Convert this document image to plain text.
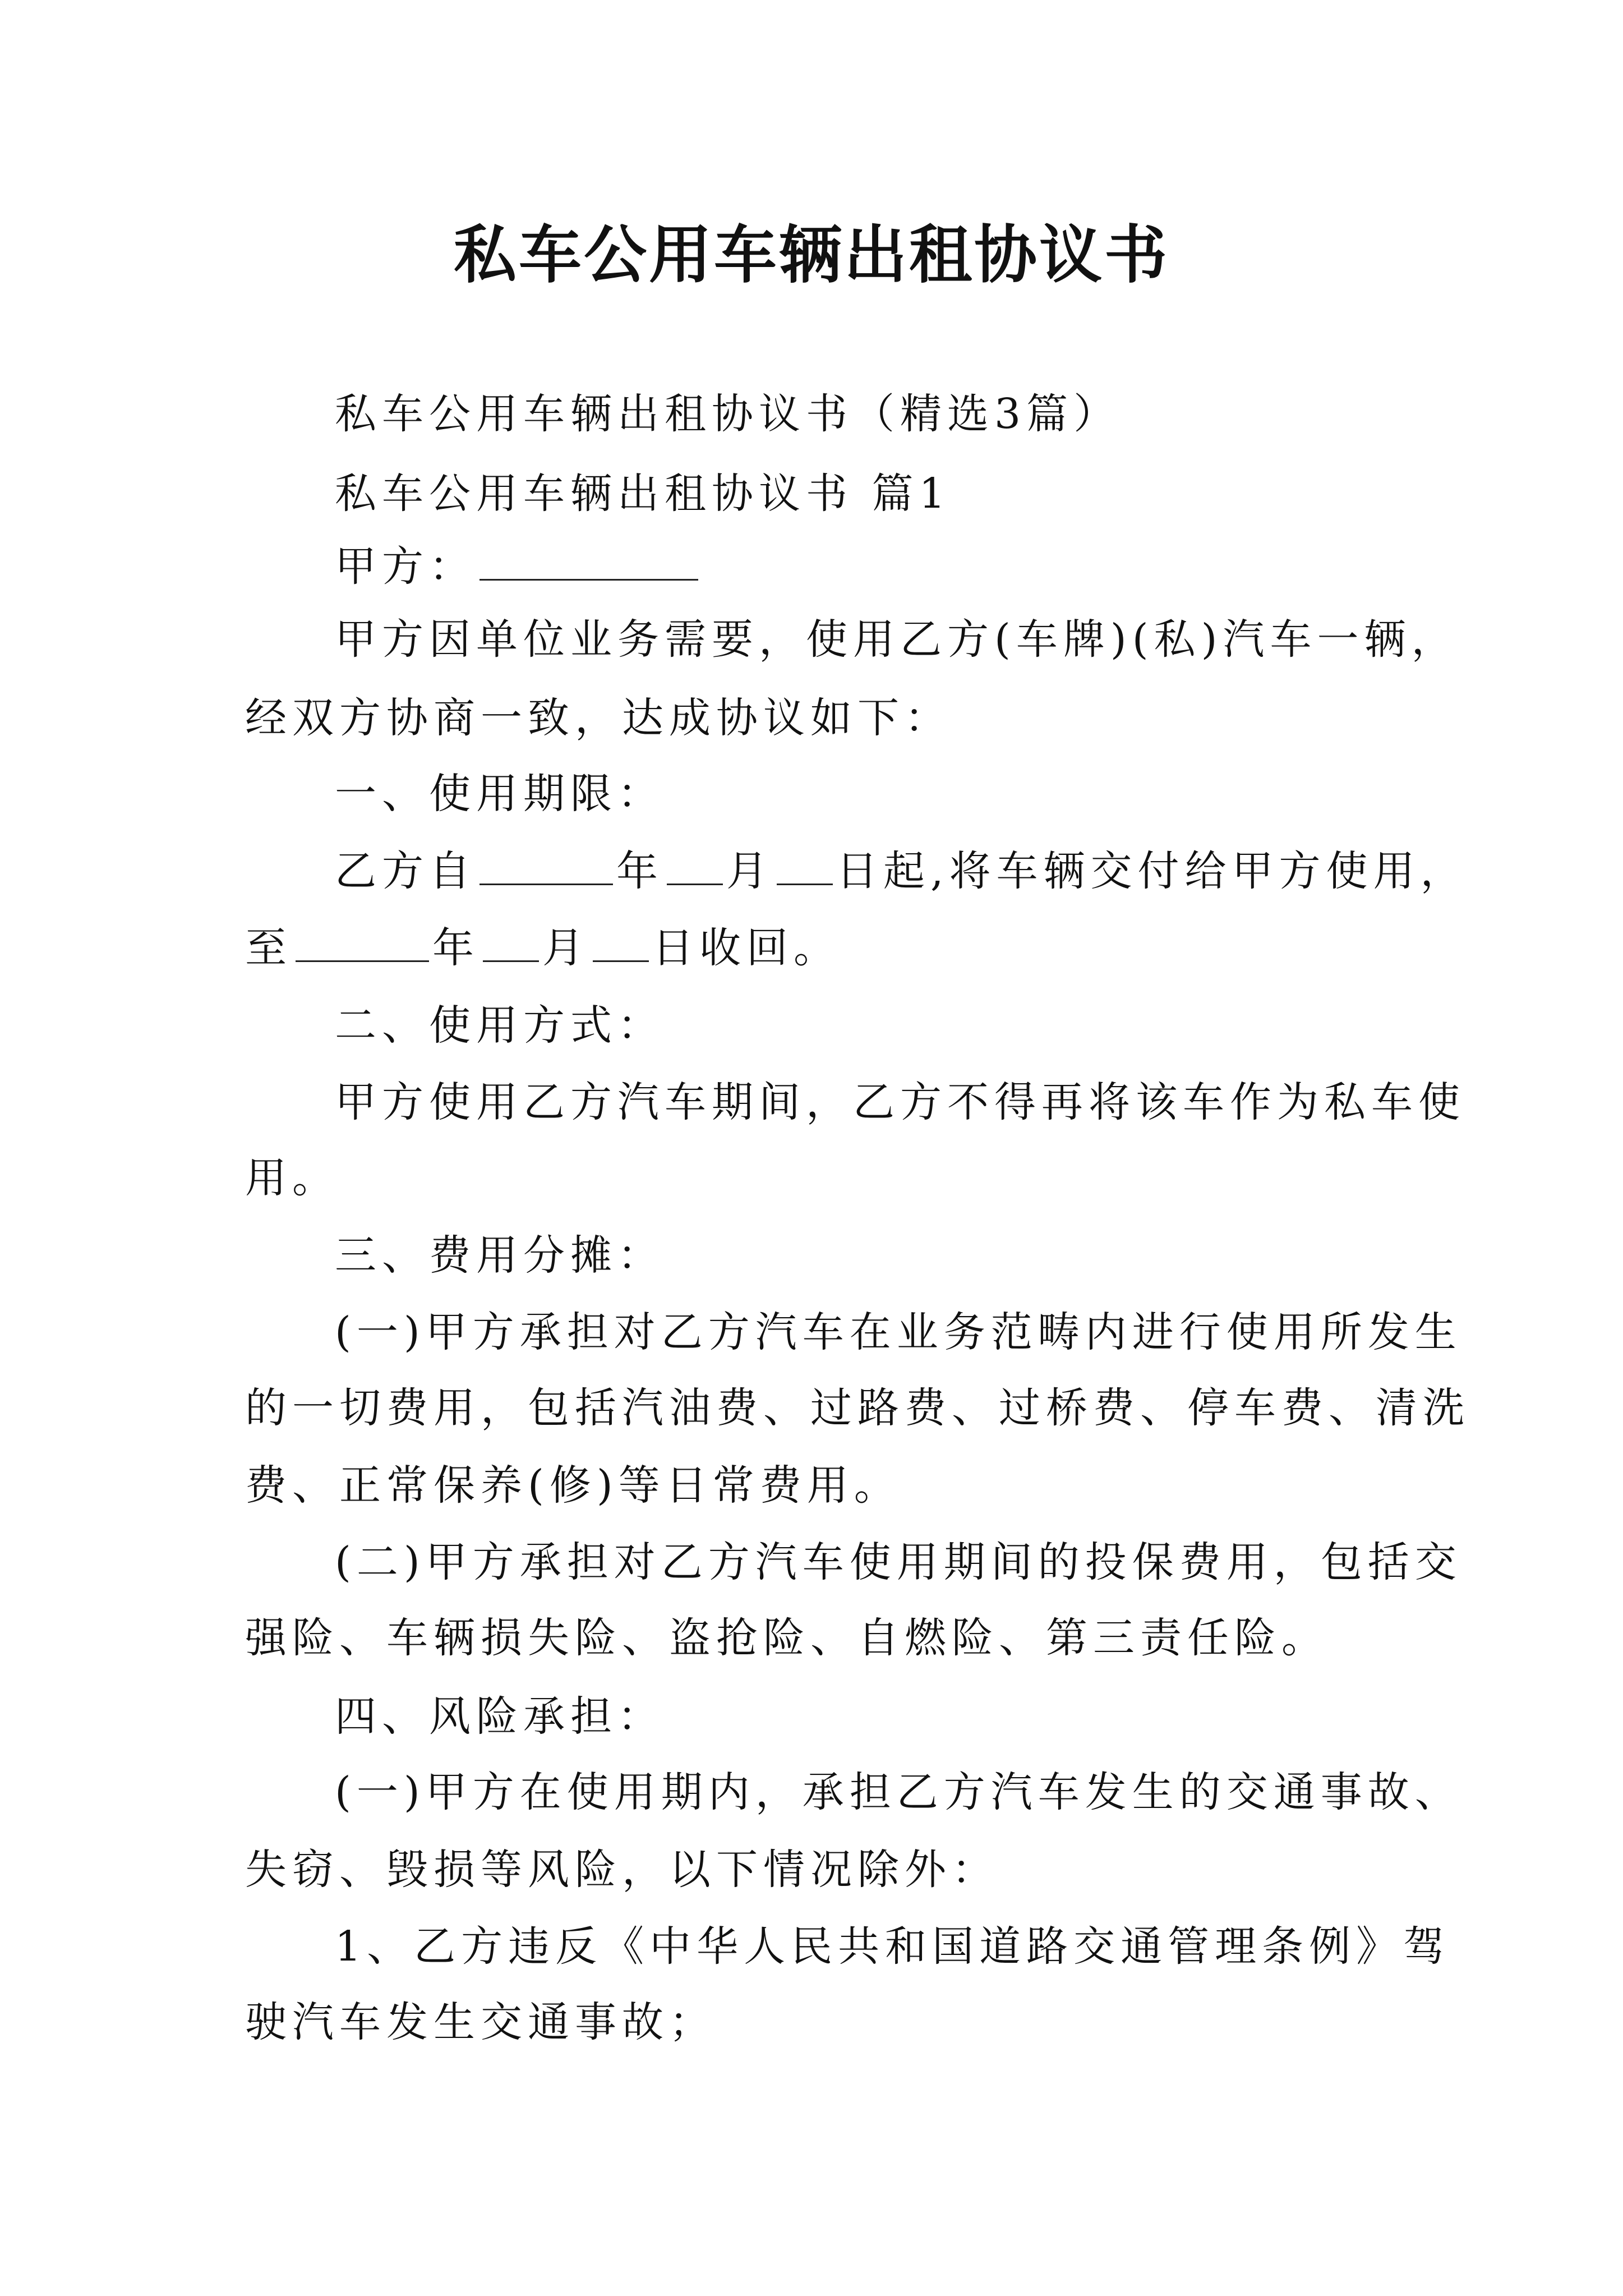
私车公用车辆出租协议书
私车公用车辆出租协议书（精选3篇）
私车公用车辆出租协议书 篇1
甲方：
甲方因单位业务需要，使用乙方(车牌)(私)汽车一辆，
经双方协商一致，达成协议如下：
一、使用期限：
乙方自	年 月 日起,将车辆交付给甲方使用，
至	年 月 日收回。
二、使用方式：
甲方使用乙方汽车期间，乙方不得再将该车作为私车使
用。
三、费用分摊：
(一)甲方承担对乙方汽车在业务范畴内进行使用所发生
的一切费用，包括汽油费、过路费、过桥费、停车费、清洗
费、正常保养(修)等日常费用。
(二)甲方承担对乙方汽车使用期间的投保费用，包括交
强险、车辆损失险、盗抢险、自燃险、第三责任险。
四、风险承担：
(一)甲方在使用期内，承担乙方汽车发生的交通事故、
失窃、毁损等风险，以下情况除外：
1、乙方违反《中华人民共和国道路交通管理条例》驾
驶汽车发生交通事故；
